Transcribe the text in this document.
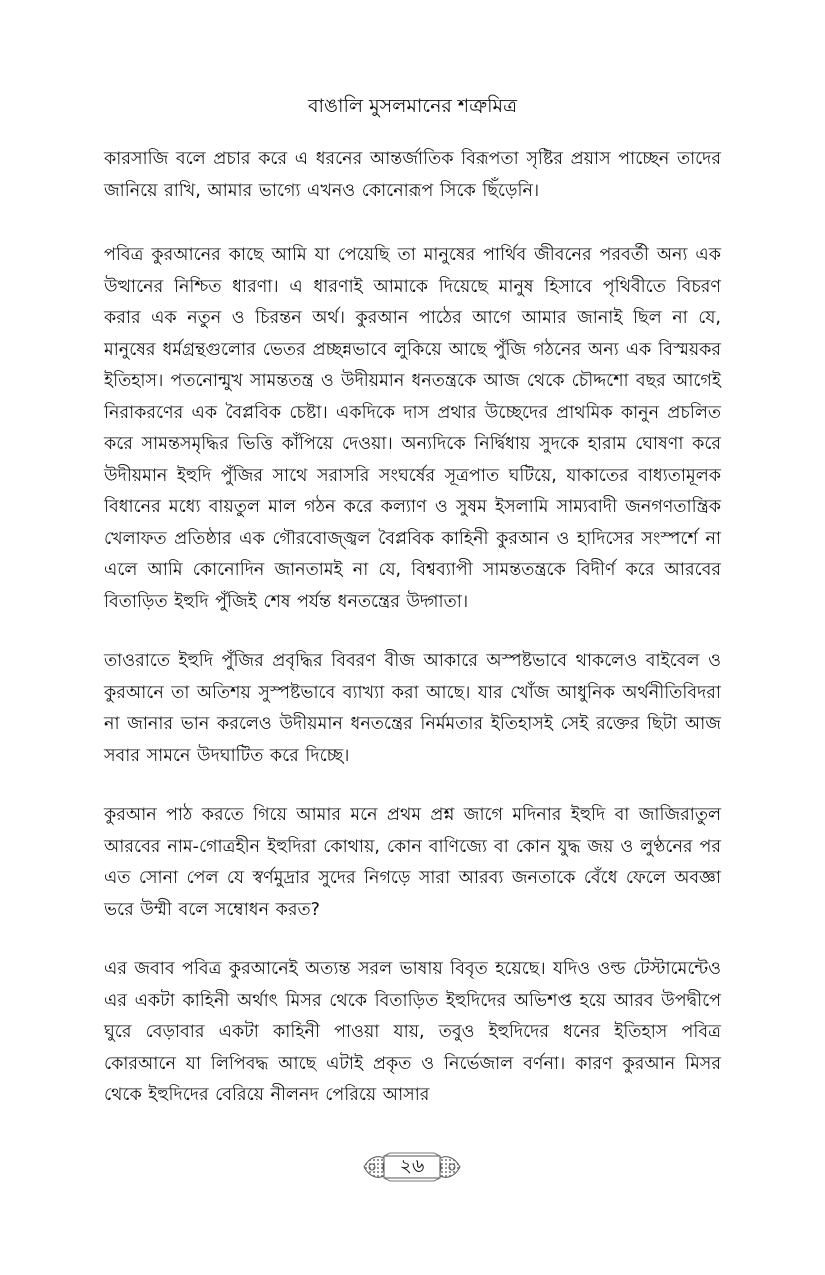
বাঙালি মুসলমানের শত্রুমিত্র

কারসাজি বলে প্রচার করে এ ধরনের আন্তর্জাতিক বিরূপতা সৃষ্টির প্রয়াস পাচ্ছেন তাদের জানিয়ে রাখি, আমার ভাগ্যে এখনও কোনোরূপ সিকে ছিঁড়েনি।

পবিত্র কুরআনের কাছে আমি যা পেয়েছি তা মানুষের পার্থিব জীবনের পরবর্তী অন্য এক উত্থানের নিশ্চিত ধারণা। এ ধারণাই আমাকে দিয়েছে মানুষ হিসাবে পৃথিবীতে বিচরণ করার এক নতুন ও চিরন্তন অর্থ। কুরআন পাঠের আগে আমার জানাই ছিল না যে, মানুষের ধর্মগ্রন্থগুলোর ভেতর প্রচ্ছন্নভাবে লুকিয়ে আছে পুঁজি গঠনের অন্য এক বিস্ময়কর ইতিহাস। পতনোন্মুখ সামন্ততন্ত্র ও উদীয়মান ধনতন্ত্রকে আজ থেকে চৌদ্দশো বছর আগেই নিরাকরণের এক বৈপ্লবিক চেষ্টা। একদিকে দাস প্রথার উচ্ছেদের প্রাথমিক কানুন প্রচলিত করে সামন্তসমৃদ্ধির ভিত্তি কাঁপিয়ে দেওয়া। অন্যদিকে নির্দ্বিধায় সুদকে হারাম ঘোষণা করে উদীয়মান ইহুদি পুঁজির সাথে সরাসরি সংঘর্ষের সূত্রপাত ঘটিয়ে, যাকাতের বাধ্যতামূলক বিধানের মধ্যে বায়তুল মাল গঠন করে কল্যাণ ও সুষম ইসলামি সাম্যবাদী জনগণতান্ত্রিক খেলাফত প্রতিষ্ঠার এক গৌরবোজ্জ্বল বৈপ্লবিক কাহিনী কুরআন ও হাদিসের সংস্পর্শে না এলে আমি কোনোদিন জানতামই না যে, বিশ্বব্যাপী সামন্ততন্ত্রকে বিদীর্ণ করে আরবের বিতাড়িত ইহুদি পুঁজিই শেষ পর্যন্ত ধনতন্ত্রের উদ্গাতা।

তাওরাতে ইহুদি পুঁজির প্রবৃদ্ধির বিবরণ বীজ আকারে অস্পষ্টভাবে থাকলেও বাইবেল ও কুরআনে তা অতিশয় সুস্পষ্টভাবে ব্যাখ্যা করা আছে। যার খোঁজ আধুনিক অর্থনীতিবিদরা না জানার ভান করলেও উদীয়মান ধনতন্ত্রের নির্মমতার ইতিহাসই সেই রক্তের ছিটা আজ সবার সামনে উদঘাটিত করে দিচ্ছে।

কুরআন পাঠ করতে গিয়ে আমার মনে প্রথম প্রশ্ন জাগে মদিনার ইহুদি বা জাজিরাতুল আরবের নাম-গোত্রহীন ইহুদিরা কোথায়, কোন বাণিজ্যে বা কোন যুদ্ধ জয় ও লুণ্ঠনের পর এত সোনা পেল যে স্বর্ণমুদ্রার সুদের নিগড়ে সারা আরব্য জনতাকে বেঁধে ফেলে অবজ্ঞা ভরে উম্মী বলে সম্বোধন করত?

এর জবাব পবিত্র কুরআনেই অত্যন্ত সরল ভাষায় বিবৃত হয়েছে। যদিও ওল্ড টেস্টামেন্টেও এর একটা কাহিনী অর্থাৎ মিসর থেকে বিতাড়িত ইহুদিদের অভিশপ্ত হয়ে আরব উপদ্বীপে ঘুরে বেড়াবার একটা কাহিনী পাওয়া যায়, তবুও ইহুদিদের ধনের ইতিহাস পবিত্র কোরআনে যা লিপিবদ্ধ আছে এটাই প্রকৃত ও নির্ভেজাল বর্ণনা। কারণ কুরআন মিসর থেকে ইহুদিদের বেরিয়ে নীলনদ পেরিয়ে আসার

২৬
